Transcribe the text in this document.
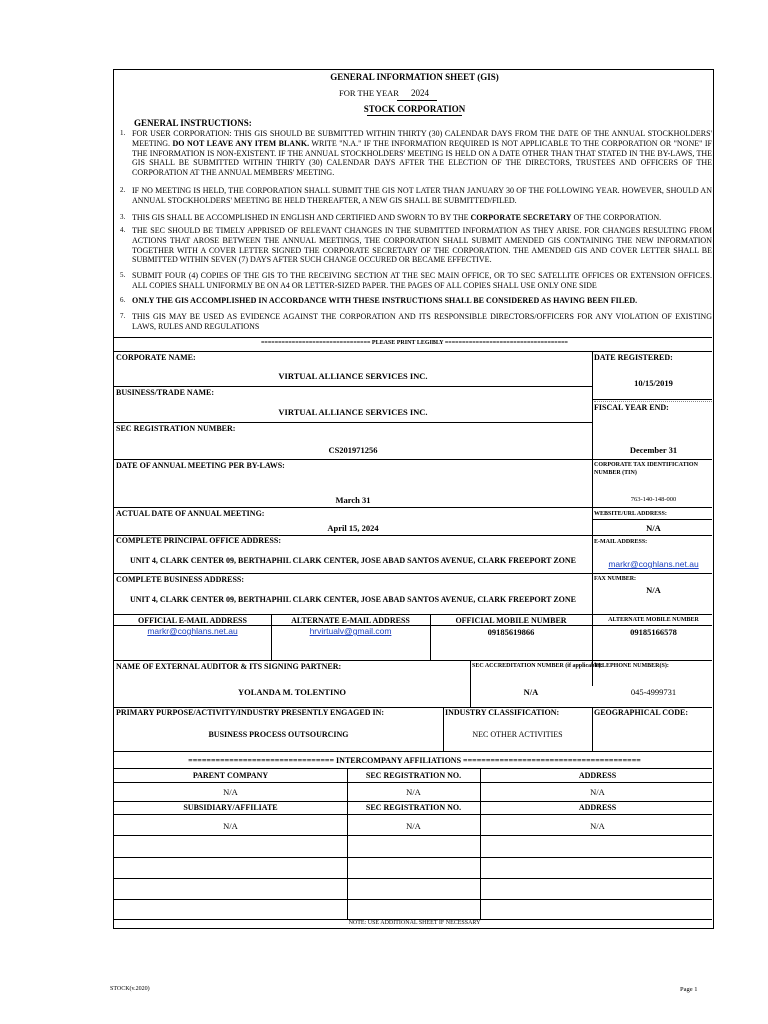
GENERAL INFORMATION SHEET (GIS)
FOR THE YEAR 2024
STOCK CORPORATION
GENERAL INSTRUCTIONS:
1. FOR USER CORPORATION: THIS GIS SHOULD BE SUBMITTED WITHIN THIRTY (30) CALENDAR DAYS FROM THE DATE OF THE ANNUAL STOCKHOLDERS' MEETING. DO NOT LEAVE ANY ITEM BLANK. WRITE "N.A." IF THE INFORMATION REQUIRED IS NOT APPLICABLE TO THE CORPORATION OR "NONE" IF THE INFORMATION IS NON-EXISTENT. IF THE ANNUAL STOCKHOLDERS' MEETING IS HELD ON A DATE OTHER THAN THAT STATED IN THE BY-LAWS, THE GIS SHALL BE SUBMITTED WITHIN THIRTY (30) CALENDAR DAYS AFTER THE ELECTION OF THE DIRECTORS, TRUSTEES AND OFFICERS OF THE CORPORATION AT THE ANNUAL MEMBERS' MEETING.
2. IF NO MEETING IS HELD, THE CORPORATION SHALL SUBMIT THE GIS NOT LATER THAN JANUARY 30 OF THE FOLLOWING YEAR. HOWEVER, SHOULD AN ANNUAL STOCKHOLDERS' MEETING BE HELD THEREAFTER, A NEW GIS SHALL BE SUBMITTED/FILED.
3. THIS GIS SHALL BE ACCOMPLISHED IN ENGLISH AND CERTIFIED AND SWORN TO BY THE CORPORATE SECRETARY OF THE CORPORATION.
4. THE SEC SHOULD BE TIMELY APPRISED OF RELEVANT CHANGES IN THE SUBMITTED INFORMATION AS THEY ARISE. FOR CHANGES RESULTING FROM ACTIONS THAT AROSE BETWEEN THE ANNUAL MEETINGS, THE CORPORATION SHALL SUBMIT AMENDED GIS CONTAINING THE NEW INFORMATION TOGETHER WITH A COVER LETTER SIGNED THE CORPORATE SECRETARY OF THE CORPORATION. THE AMENDED GIS AND COVER LETTER SHALL BE SUBMITTED WITHIN SEVEN (7) DAYS AFTER SUCH CHANGE OCCURED OR BECAME EFFECTIVE.
5. SUBMIT FOUR (4) COPIES OF THE GIS TO THE RECEIVING SECTION AT THE SEC MAIN OFFICE, OR TO SEC SATELLITE OFFICES OR EXTENSION OFFICES. ALL COPIES SHALL UNIFORMLY BE ON A4 OR LETTER-SIZED PAPER. THE PAGES OF ALL COPIES SHALL USE ONLY ONE SIDE
6. ONLY THE GIS ACCOMPLISHED IN ACCORDANCE WITH THESE INSTRUCTIONS SHALL BE CONSIDERED AS HAVING BEEN FILED.
7. THIS GIS MAY BE USED AS EVIDENCE AGAINST THE CORPORATION AND ITS RESPONSIBLE DIRECTORS/OFFICERS FOR ANY VIOLATION OF EXISTING LAWS, RULES AND REGULATIONS
================================ PLEASE PRINT LEGIBLY ====================================
CORPORATE NAME:
VIRTUAL ALLIANCE SERVICES INC.
DATE REGISTERED:
10/15/2019
BUSINESS/TRADE NAME:
VIRTUAL ALLIANCE SERVICES INC.	FISCAL YEAR END:
SEC REGISTRATION NUMBER:
CS201971256	December 31
DATE OF ANNUAL MEETING PER BY-LAWS:	CORPORATE TAX IDENTIFICATION
NUMBER (TIN)
March 31	763-140-148-000
ACTUAL DATE OF ANNUAL MEETING:	WEBSITE/URL ADDRESS:
April 15, 2024	N/A
COMPLETE PRINCIPAL OFFICE ADDRESS:	E-MAIL ADDRESS:
UNIT 4, CLARK CENTER 09, BERTHAPHIL CLARK CENTER, JOSE ABAD SANTOS AVENUE, CLARK FREEPORT ZONE	markr@coghlans.net.au
COMPLETE BUSINESS ADDRESS:	FAX NUMBER:
N/A
UNIT 4, CLARK CENTER 09, BERTHAPHIL CLARK CENTER, JOSE ABAD SANTOS AVENUE, CLARK FREEPORT ZONE
OFFICIAL E-MAIL ADDRESS	ALTERNATE E-MAIL ADDRESS	OFFICIAL MOBILE NUMBER	ALTERNATE MOBILE NUMBER
markr@coghlans.net.au	hrvirtualv@gmail.com	09185619866	09185166578
NAME OF EXTERNAL AUDITOR & ITS SIGNING PARTNER:	SEC ACCREDITATION NUMBER (if applicable):
TELEPHONE NUMBER(S):
YOLANDA M. TOLENTINO	N/A	045-4999731
PRIMARY PURPOSE/ACTIVITY/INDUSTRY PRESENTLY ENGAGED IN:	INDUSTRY CLASSIFICATION:	GEOGRAPHICAL CODE:
BUSINESS PROCESS OUTSOURCING	NEC OTHER ACTIVITIES
================================ INTERCOMPANY AFFILIATIONS =======================================
PARENT COMPANY	SEC REGISTRATION NO.	ADDRESS
N/A	N/A	N/A
SUBSIDIARY/AFFILIATE	SEC REGISTRATION NO.	ADDRESS
N/A	N/A	N/A
NOTE: USE ADDITIONAL SHEET IF NECESSARY
STOCK(v.2020)	Page 1
